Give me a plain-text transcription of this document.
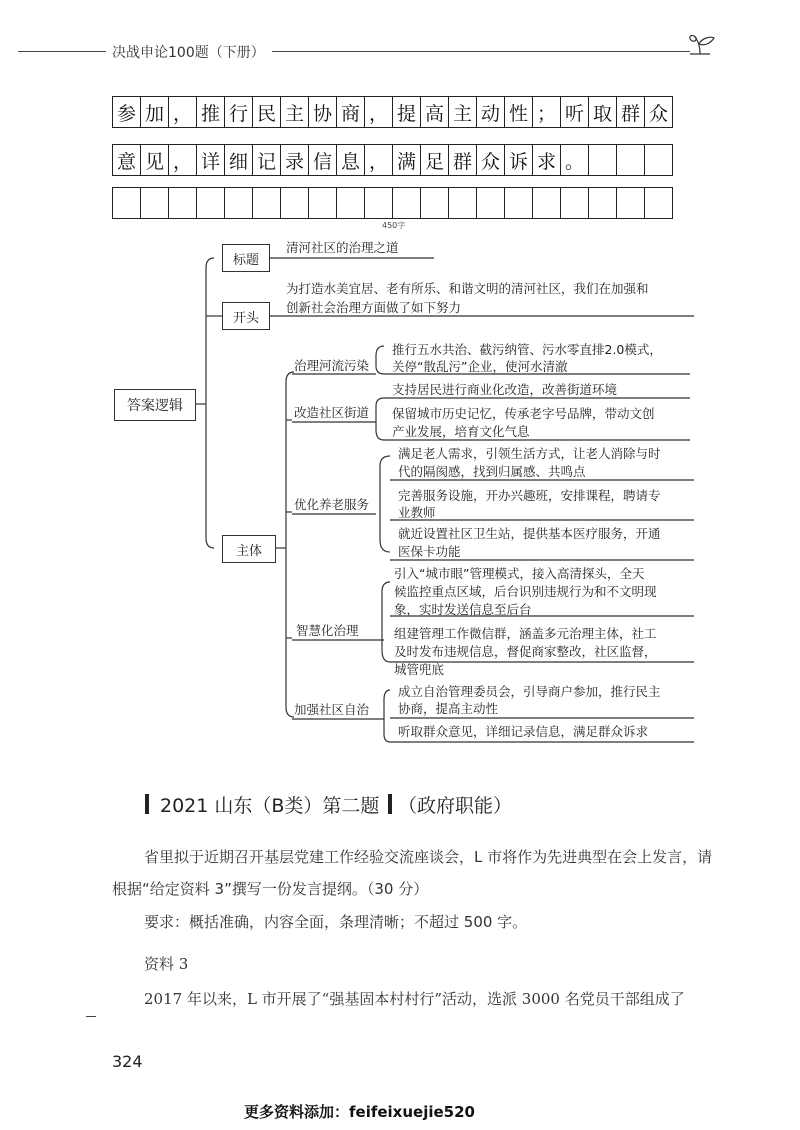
决战申论100题（下册）
参 加 ， 推 行 民 主 协 商 ， 提 高 主 动 性 ； 听 取 群 众
意 见 ， 详 细 记 录 信 息 ， 满 足 群 众 诉 求 。
450字
答案逻辑
标题
清河社区的治理之道
开头
为打造水美宜居、老有所乐、和谐文明的清河社区，我们在加强和
创新社会治理方面做了如下努力
主体
治理河流污染
改造社区街道
优化养老服务
智慧化治理
加强社区自治
推行五水共治、截污纳管、污水零直排2.0模式，
关停“散乱污”企业，使河水清澈
支持居民进行商业化改造，改善街道环境
保留城市历史记忆，传承老字号品牌，带动文创
产业发展，培育文化气息
满足老人需求，引领生活方式，让老人消除与时
代的隔阂感，找到归属感、共鸣点
完善服务设施，开办兴趣班，安排课程，聘请专
业教师
就近设置社区卫生站，提供基本医疗服务，开通
医保卡功能
引入“城市眼”管理模式，接入高清探头，全天
候监控重点区域，后台识别违规行为和不文明现
象，实时发送信息至后台
组建管理工作微信群，涵盖多元治理主体，社工
及时发布违规信息，督促商家整改，社区监督，
城管兜底
成立自治管理委员会，引导商户参加，推行民主
协商，提高主动性
听取群众意见，详细记录信息，满足群众诉求
2021 山东（B类）第二题 （政府职能）
省里拟于近期召开基层党建工作经验交流座谈会，L 市将作为先进典型在会上发言，请
根据“给定资料 3”撰写一份发言提纲。（30 分）
要求：概括准确，内容全面，条理清晰；不超过 500 字。
资料 3
2017 年以来，L 市开展了“强基固本村村行”活动，选派 3000 名党员干部组成了
324
更多资料添加：feifeixuejie520
